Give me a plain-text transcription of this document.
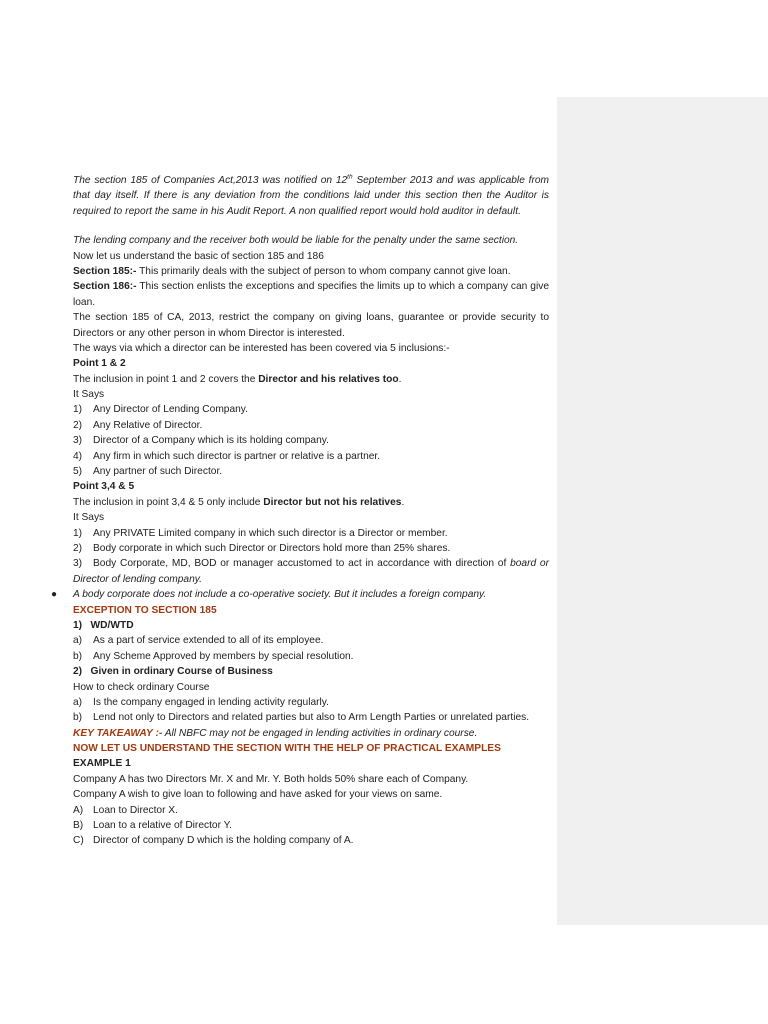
The section 185 of Companies Act,2013 was notified on 12th September 2013 and was applicable from
that day itself. If there is any deviation from the conditions laid under this section then the Auditor is
required to report the same in his Audit Report. A non qualified report would hold auditor in default.
The lending company and the receiver both would be liable for the penalty under the same section.
Now let us understand the basic of section 185 and 186
Section 185:- This primarily deals with the subject of person to whom company cannot give loan.
Section 186:- This section enlists the exceptions and specifies the limits up to which a company can give
loan.
The section 185 of CA, 2013, restrict the company on giving loans, guarantee or provide security to
Directors or any other person in whom Director is interested.
The ways via which a director can be interested has been covered via 5 inclusions:-
Point 1 & 2
The inclusion in point 1 and 2 covers the Director and his relatives too.
It Says
1) Any Director of Lending Company.
2) Any Relative of Director.
3) Director of a Company which is its holding company.
4) Any firm in which such director is partner or relative is a partner.
5) Any partner of such Director.
Point 3,4 & 5
The inclusion in point 3,4 & 5 only include Director but not his relatives.
It Says
1) Any PRIVATE Limited company in which such director is a Director or member.
2) Body corporate in which such Director or Directors hold more than 25% shares.
3) Body Corporate, MD, BOD or manager accustomed to act in accordance with direction of board or
Director of lending company.
● A body corporate does not include a co-operative society. But it includes a foreign company.
EXCEPTION TO SECTION 185
1)   WD/WTD
a) As a part of service extended to all of its employee.
b) Any Scheme Approved by members by special resolution.
2)   Given in ordinary Course of Business
How to check ordinary Course
a) Is the company engaged in lending activity regularly.
b) Lend not only to Directors and related parties but also to Arm Length Parties or unrelated parties.
KEY TAKEAWAY :- All NBFC may not be engaged in lending activities in ordinary course.
NOW LET US UNDERSTAND THE SECTION WITH THE HELP OF PRACTICAL EXAMPLES
EXAMPLE 1
Company A has two Directors Mr. X and Mr. Y. Both holds 50% share each of Company.
Company A wish to give loan to following and have asked for your views on same.
A) Loan to Director X.
B) Loan to a relative of Director Y.
C) Director of company D which is the holding company of A.
